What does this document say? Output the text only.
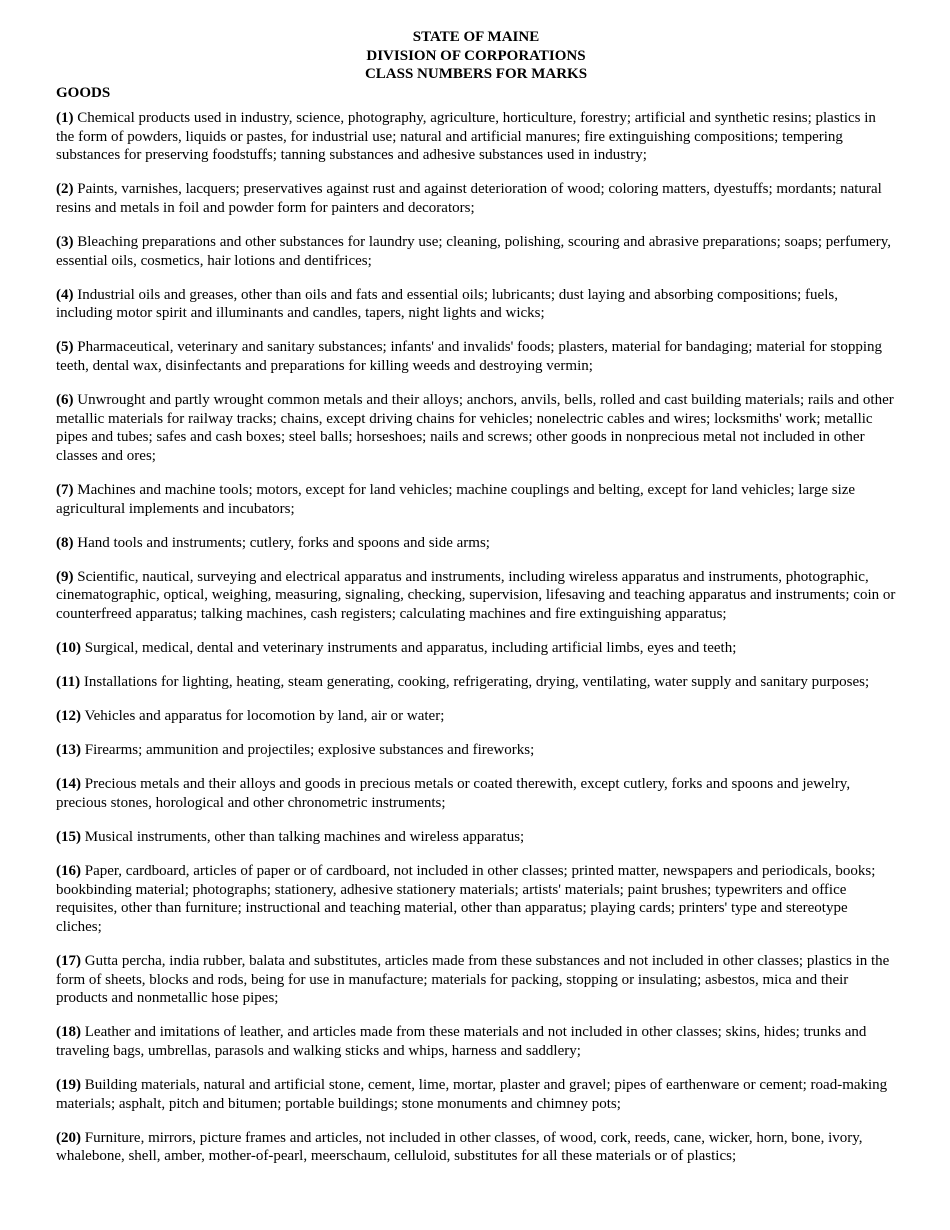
STATE OF MAINE
DIVISION OF CORPORATIONS
CLASS NUMBERS FOR MARKS
GOODS

(1) Chemical products used in industry, science, photography, agriculture, horticulture, forestry; artificial and synthetic resins; plastics in the form of powders, liquids or pastes, for industrial use; natural and artificial manures; fire extinguishing compositions; tempering substances for preserving foodstuffs; tanning substances and adhesive substances used in industry;

(2) Paints, varnishes, lacquers; preservatives against rust and against deterioration of wood; coloring matters, dyestuffs; mordants; natural resins and metals in foil and powder form for painters and decorators;

(3) Bleaching preparations and other substances for laundry use; cleaning, polishing, scouring and abrasive preparations; soaps; perfumery, essential oils, cosmetics, hair lotions and dentifrices;

(4) Industrial oils and greases, other than oils and fats and essential oils; lubricants; dust laying and absorbing compositions; fuels, including motor spirit and illuminants and candles, tapers, night lights and wicks;

(5) Pharmaceutical, veterinary and sanitary substances; infants' and invalids' foods; plasters, material for bandaging; material for stopping teeth, dental wax, disinfectants and preparations for killing weeds and destroying vermin;

(6) Unwrought and partly wrought common metals and their alloys; anchors, anvils, bells, rolled and cast building materials; rails and other metallic materials for railway tracks; chains, except driving chains for vehicles; nonelectric cables and wires; locksmiths' work; metallic pipes and tubes; safes and cash boxes; steel balls; horseshoes; nails and screws; other goods in nonprecious metal not included in other classes and ores;

(7) Machines and machine tools; motors, except for land vehicles; machine couplings and belting, except for land vehicles; large size agricultural implements and incubators;

(8) Hand tools and instruments; cutlery, forks and spoons and side arms;

(9) Scientific, nautical, surveying and electrical apparatus and instruments, including wireless apparatus and instruments, photographic, cinematographic, optical, weighing, measuring, signaling, checking, supervision, lifesaving and teaching apparatus and instruments; coin or counterfreed apparatus; talking machines, cash registers; calculating machines and fire extinguishing apparatus;

(10) Surgical, medical, dental and veterinary instruments and apparatus, including artificial limbs, eyes and teeth;

(11) Installations for lighting, heating, steam generating, cooking, refrigerating, drying, ventilating, water supply and sanitary purposes;

(12) Vehicles and apparatus for locomotion by land, air or water;

(13) Firearms; ammunition and projectiles; explosive substances and fireworks;

(14) Precious metals and their alloys and goods in precious metals or coated therewith, except cutlery, forks and spoons and jewelry, precious stones, horological and other chronometric instruments;

(15) Musical instruments, other than talking machines and wireless apparatus;

(16) Paper, cardboard, articles of paper or of cardboard, not included in other classes; printed matter, newspapers and periodicals, books; bookbinding material; photographs; stationery, adhesive stationery materials; artists' materials; paint brushes; typewriters and office requisites, other than furniture; instructional and teaching material, other than apparatus; playing cards; printers' type and stereotype cliches;

(17) Gutta percha, india rubber, balata and substitutes, articles made from these substances and not included in other classes; plastics in the form of sheets, blocks and rods, being for use in manufacture; materials for packing, stopping or insulating; asbestos, mica and their products and nonmetallic hose pipes;

(18) Leather and imitations of leather, and articles made from these materials and not included in other classes; skins, hides; trunks and traveling bags, umbrellas, parasols and walking sticks and whips, harness and saddlery;

(19) Building materials, natural and artificial stone, cement, lime, mortar, plaster and gravel; pipes of earthenware or cement; road-making materials; asphalt, pitch and bitumen; portable buildings; stone monuments and chimney pots;

(20) Furniture, mirrors, picture frames and articles, not included in other classes, of wood, cork, reeds, cane, wicker, horn, bone, ivory, whalebone, shell, amber, mother-of-pearl, meerschaum, celluloid, substitutes for all these materials or of plastics;
